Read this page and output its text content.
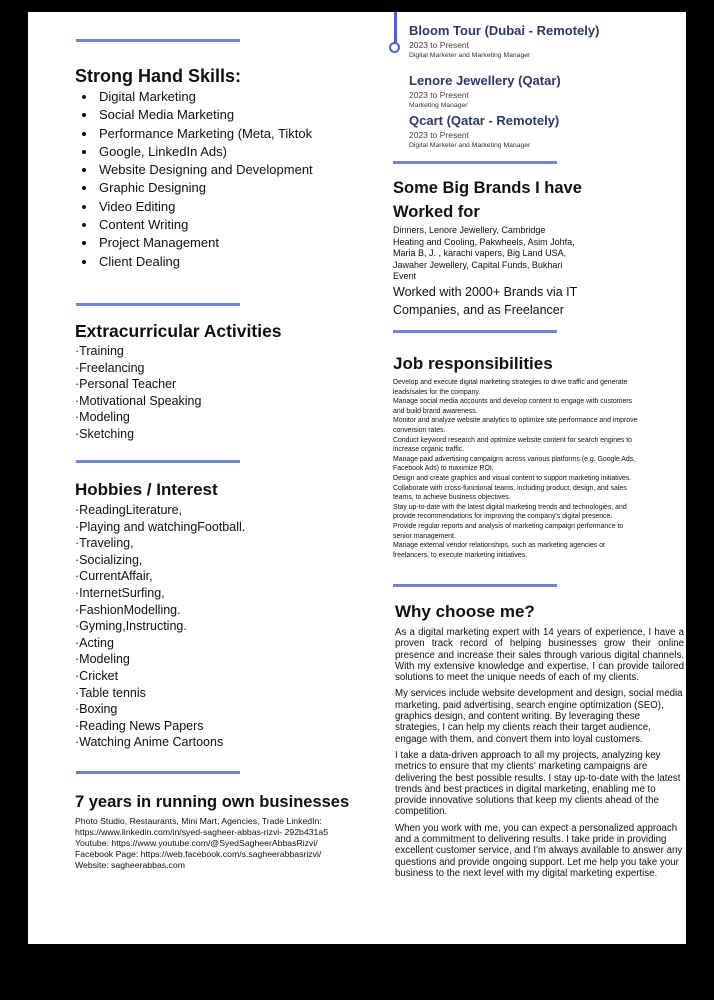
Strong Hand Skills:
• Digital Marketing
• Social Media Marketing
• Performance Marketing (Meta, Tiktok
• Google, LinkedIn Ads)
• Website Designing and Development
• Graphic Designing
• Video Editing
• Content Writing
• Project Management
• Client Dealing
Extracurricular Activities
·Training
·Freelancing
·Personal Teacher
·Motivational Speaking
·Modeling
·Sketching
Hobbies / Interest
·ReadingLiterature,
·Playing and watchingFootball.
·Traveling,
·Socializing,
·CurrentAffair,
·InternetSurfing,
·FashionModelling.
·Gyming,Instructing.
·Acting
·Modeling
·Cricket
·Table tennis
·Boxing
·Reading News Papers
·Watching Anime Cartoons
7 years in running own businesses
Photo Studio, Restaurants, Mini Mart, Agencies, Trade LinkedIn:
https://www.linkedin.com/in/syed-sagheer-abbas-rizvi- 292b431a5
Youtube: https://www.youtube.com/@SyedSagheerAbbasRizvi/
Facebook Page: https://web.facebook.com/s.sagheerabbasrizvi/
Website: sagheerabbas.com
Bloom Tour (Dubai - Remotely)
2023 to Present
Digital Marketer and Marketing Manager
Lenore Jewellery (Qatar)
2023 to Present
Marketing Manager
Qcart (Qatar - Remotely)
2023 to Present
Digital Marketer and Marketing Manager
Some Big Brands I have
Worked for
Dinners, Lenore Jewellery, Cambridge
Heating and Cooling, Pakwheels, Asim Johfa,
Maria B, J. , karachi vapers, Big Land USA,
Jawaher Jewellery, Capital Funds, Bukhari
Event
Worked with 2000+ Brands via IT
Companies, and as Freelancer
Job responsibilities

Develop and execute digital marketing strategies to drive traffic and generate

leads/sales for the company.

Manage social media accounts and develop content to engage with customers

and build brand awareness.

Monitor and analyze website analytics to optimize site performance and improve

conversion rates.

Conduct keyword research and optimize website content for search engines to

increase organic traffic.

Manage paid advertising campaigns across various platforms (e.g. Google Ads,

Facebook Ads) to maximize ROI.

Design and create graphics and visual content to support marketing initiatives.

Collaborate with cross-functional teams, including product, design, and sales

teams, to achieve business objectives.

Stay up-to-date with the latest digital marketing trends and technologies, and

provide recommendations for improving the company's digital presence.

Provide regular reports and analysis of marketing campaign performance to

senior management.

Manage external vendor relationships, such as marketing agencies or

freelancers, to execute marketing initiatives.

Why choose me?

As a digital marketing expert with 14 years of experience, I have a proven track record of helping businesses grow their online presence and increase their sales through various digital channels. With my extensive knowledge and expertise, I can provide tailored solutions to meet the unique needs of each of my clients.

My services include website development and design, social media marketing, paid advertising, search engine optimization (SEO), graphics design, and content writing. By leveraging these strategies, I can help my clients reach their target audience, engage with them, and convert them into loyal customers.

I take a data-driven approach to all my projects, analyzing key metrics to ensure that my clients' marketing campaigns are delivering the best possible results. I stay up-to-date with the latest trends and best practices in digital marketing, enabling me to provide innovative solutions that keep my clients ahead of the competition.

When you work with me, you can expect a personalized approach and a commitment to delivering results. I take pride in providing excellent customer service, and I'm always available to answer any questions and provide ongoing support. Let me help you take your business to the next level with my digital marketing expertise.
